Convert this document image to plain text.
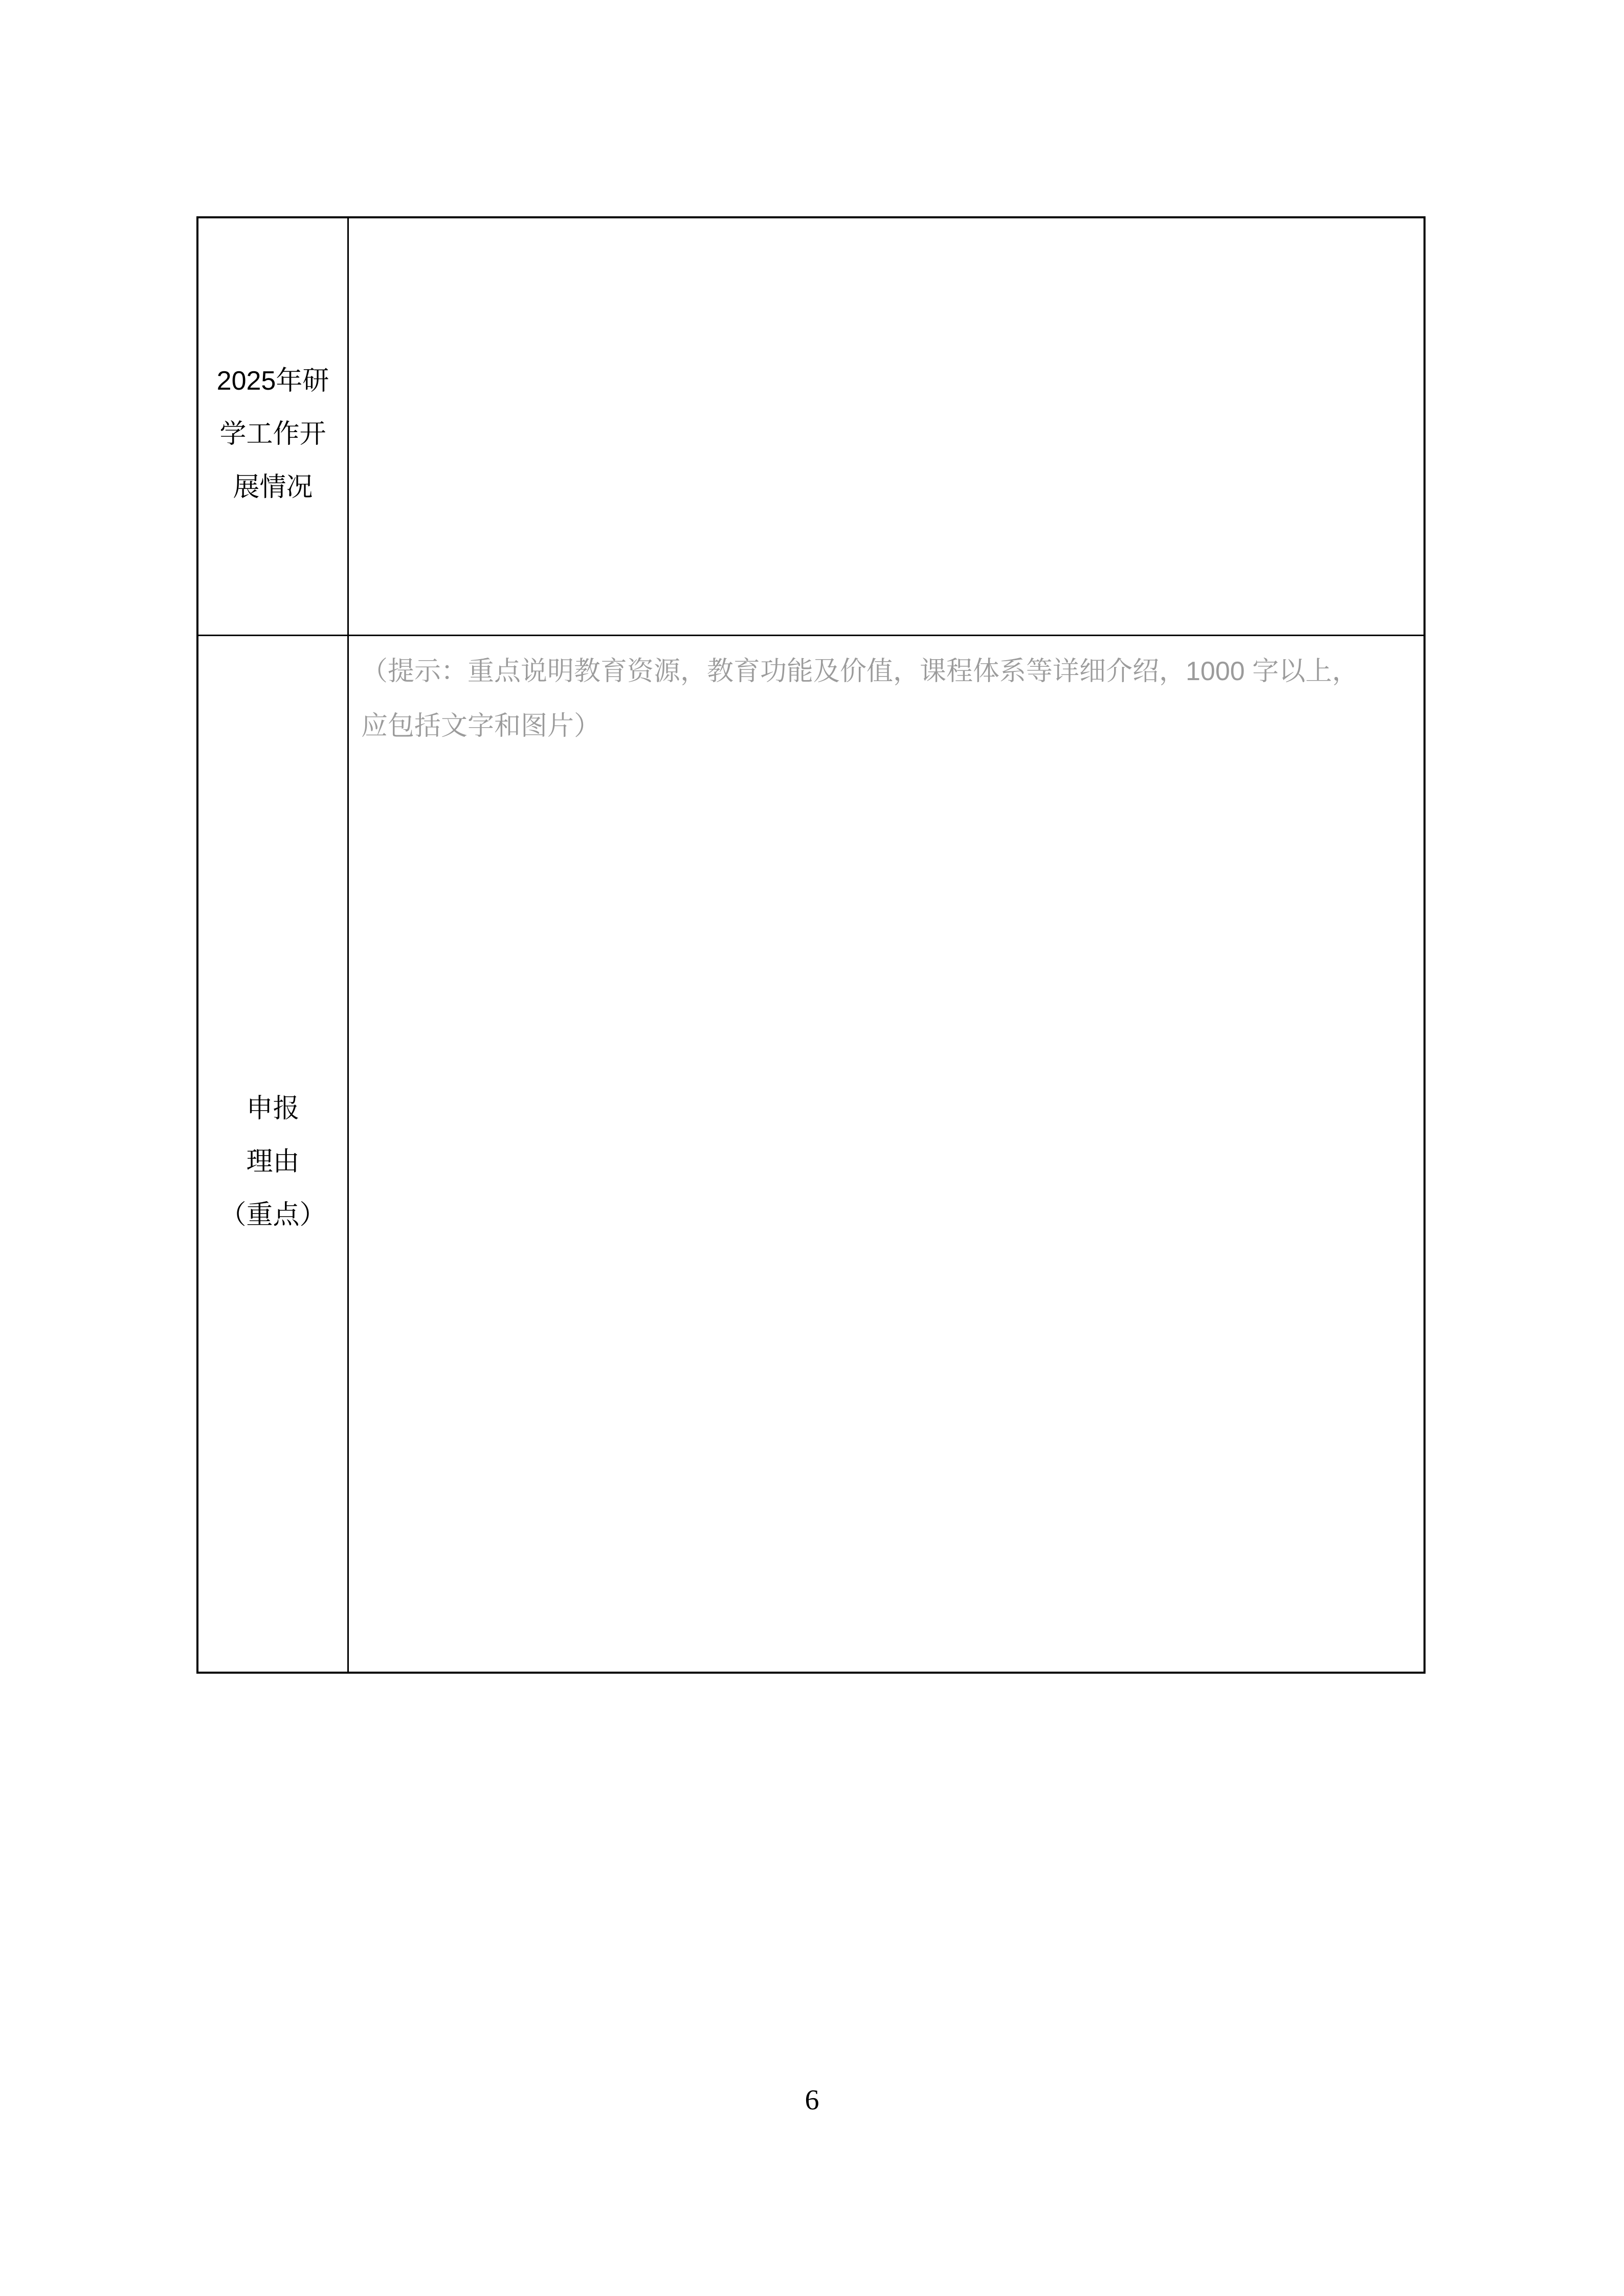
2025年研
学工作开
展情况
申报
理由
（重点）
（提示：重点说明教育资源，教育功能及价值，课程体系等详细介绍，1000 字以上，
应包括文字和图片）
6
